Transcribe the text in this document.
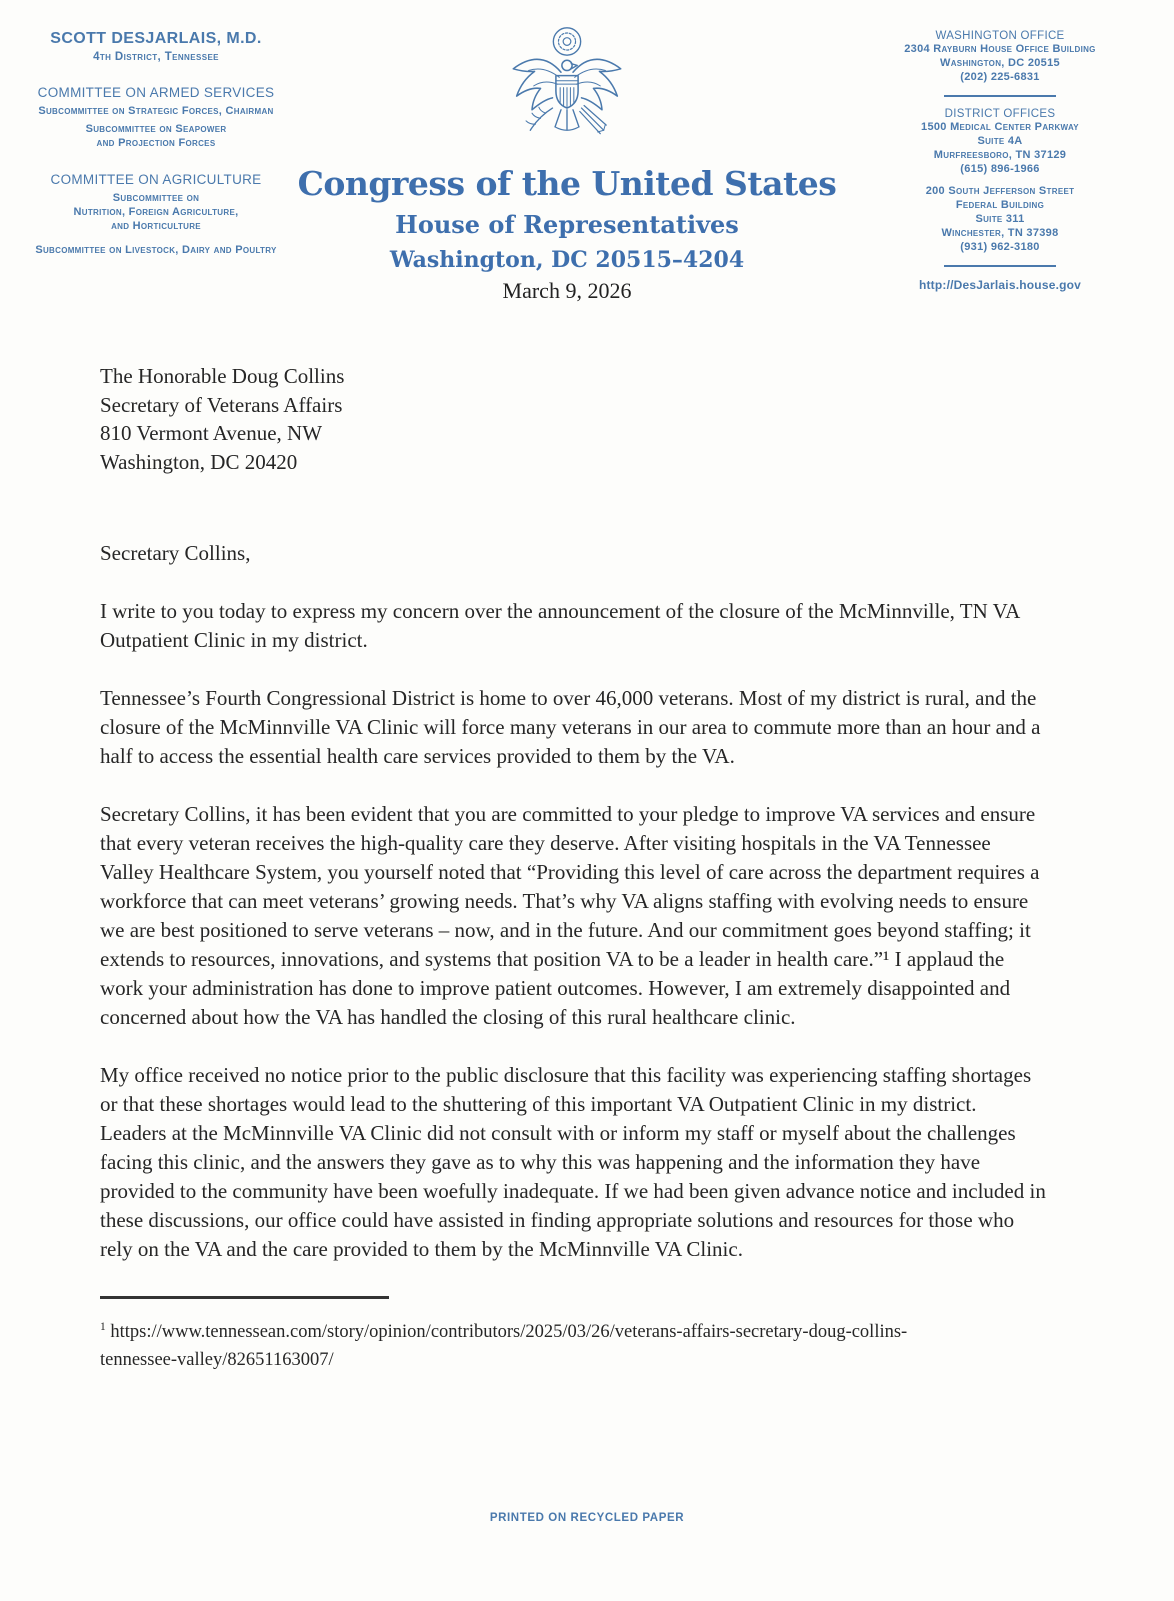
SCOTT DESJARLAIS, M.D.
4th District, Tennessee
COMMITTEE ON ARMED SERVICES
Subcommittee on Strategic Forces, Chairman
Subcommittee on Seapower
and Projection Forces
COMMITTEE ON AGRICULTURE
Subcommittee on
Nutrition, Foreign Agriculture,
and Horticulture
Subcommittee on Livestock, Dairy and Poultry
Congress of the United States
House of Representatives
Washington, DC 20515–4204
March 9, 2026
WASHINGTON OFFICE
2304 Rayburn House Office Building
Washington, DC 20515
(202) 225-6831
DISTRICT OFFICES
1500 Medical Center Parkway
Suite 4A
Murfreesboro, TN 37129
(615) 896-1966
200 South Jefferson Street
Federal Building
Suite 311
Winchester, TN 37398
(931) 962-3180
http://DesJarlais.house.gov
The Honorable Doug Collins
Secretary of Veterans Affairs
810 Vermont Avenue, NW
Washington, DC 20420

Secretary Collins,

I write to you today to express my concern over the announcement of the closure of the McMinnville, TN VA Outpatient Clinic in my district.

Tennessee’s Fourth Congressional District is home to over 46,000 veterans. Most of my district is rural, and the closure of the McMinnville VA Clinic will force many veterans in our area to commute more than an hour and a half to access the essential health care services provided to them by the VA.

Secretary Collins, it has been evident that you are committed to your pledge to improve VA services and ensure that every veteran receives the high-quality care they deserve. After visiting hospitals in the VA Tennessee Valley Healthcare System, you yourself noted that “Providing this level of care across the department requires a workforce that can meet veterans’ growing needs. That’s why VA aligns staffing with evolving needs to ensure we are best positioned to serve veterans – now, and in the future. And our commitment goes beyond staffing; it extends to resources, innovations, and systems that position VA to be a leader in health care.”¹ I applaud the work your administration has done to improve patient outcomes. However, I am extremely disappointed and concerned about how the VA has handled the closing of this rural healthcare clinic.

My office received no notice prior to the public disclosure that this facility was experiencing staffing shortages or that these shortages would lead to the shuttering of this important VA Outpatient Clinic in my district. Leaders at the McMinnville VA Clinic did not consult with or inform my staff or myself about the challenges facing this clinic, and the answers they gave as to why this was happening and the information they have provided to the community have been woefully inadequate. If we had been given advance notice and included in these discussions, our office could have assisted in finding appropriate solutions and resources for those who rely on the VA and the care provided to them by the McMinnville VA Clinic.

$^1$ https://www.tennessean.com/story/opinion/contributors/2025/03/26/veterans-affairs-secretary-doug-collins-
tennessee-valley/82651163007/
PRINTED ON RECYCLED PAPER
